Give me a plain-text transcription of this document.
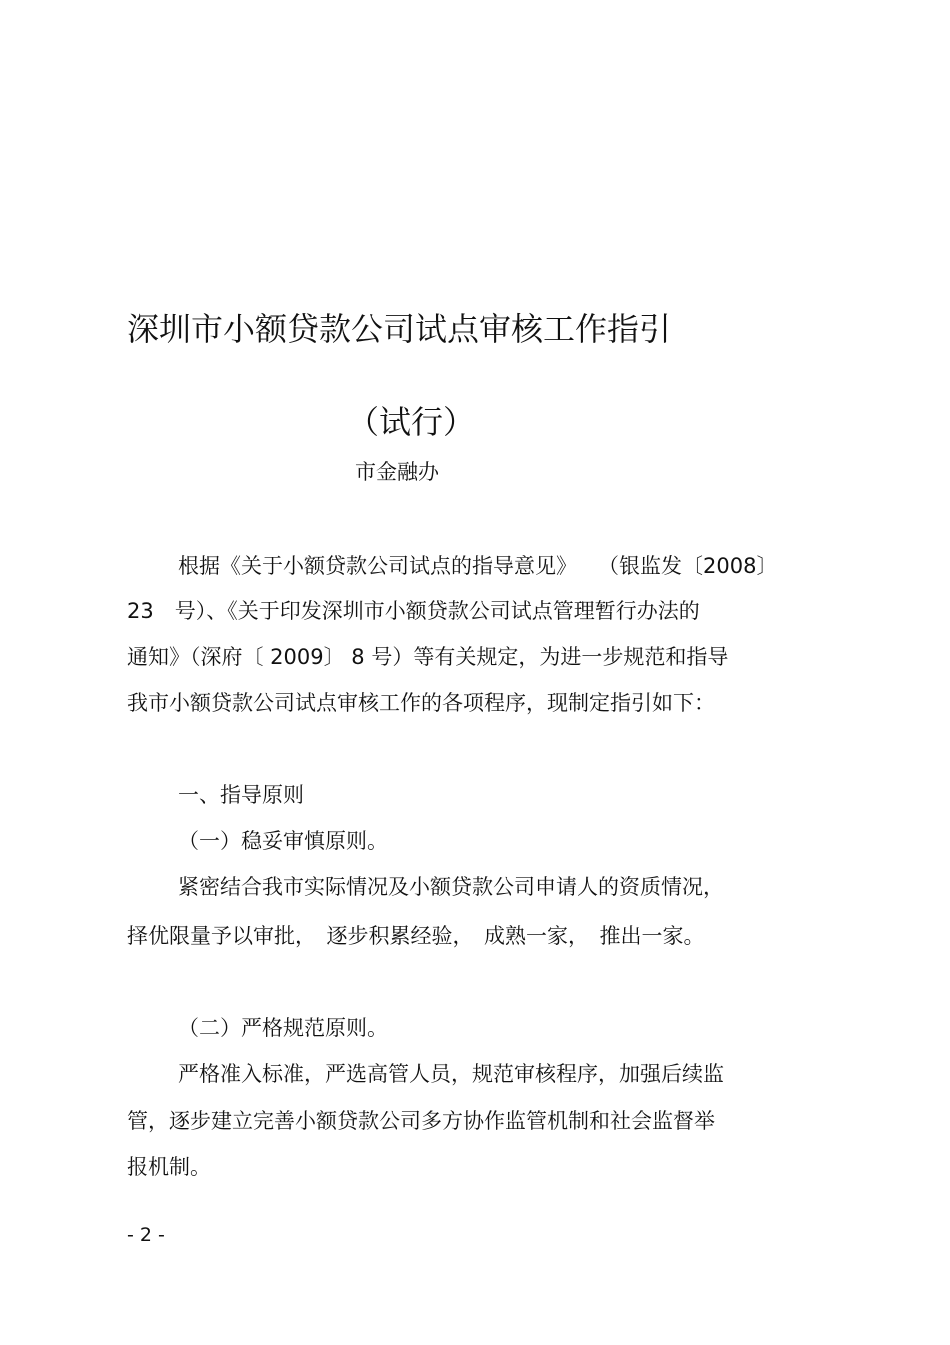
深圳市小额贷款公司试点审核工作指引
（试行）
市金融办
根据《关于小额贷款公司试点的指导意见》　　（银监发〔2008〕
23　号）、《关于印发深圳市小额贷款公司试点管理暂行办法的
通知》（深府〔 2009〕 8 号）等有关规定，为进一步规范和指导
我市小额贷款公司试点审核工作的各项程序，现制定指引如下：
一、指导原则
（一）稳妥审慎原则。
紧密结合我市实际情况及小额贷款公司申请人的资质情况，
择优限量予以审批，　逐步积累经验，　成熟一家，　推出一家。
（二）严格规范原则。
严格准入标准，严选高管人员，规范审核程序，加强后续监
管，逐步建立完善小额贷款公司多方协作监管机制和社会监督举
报机制。
- 2 -
